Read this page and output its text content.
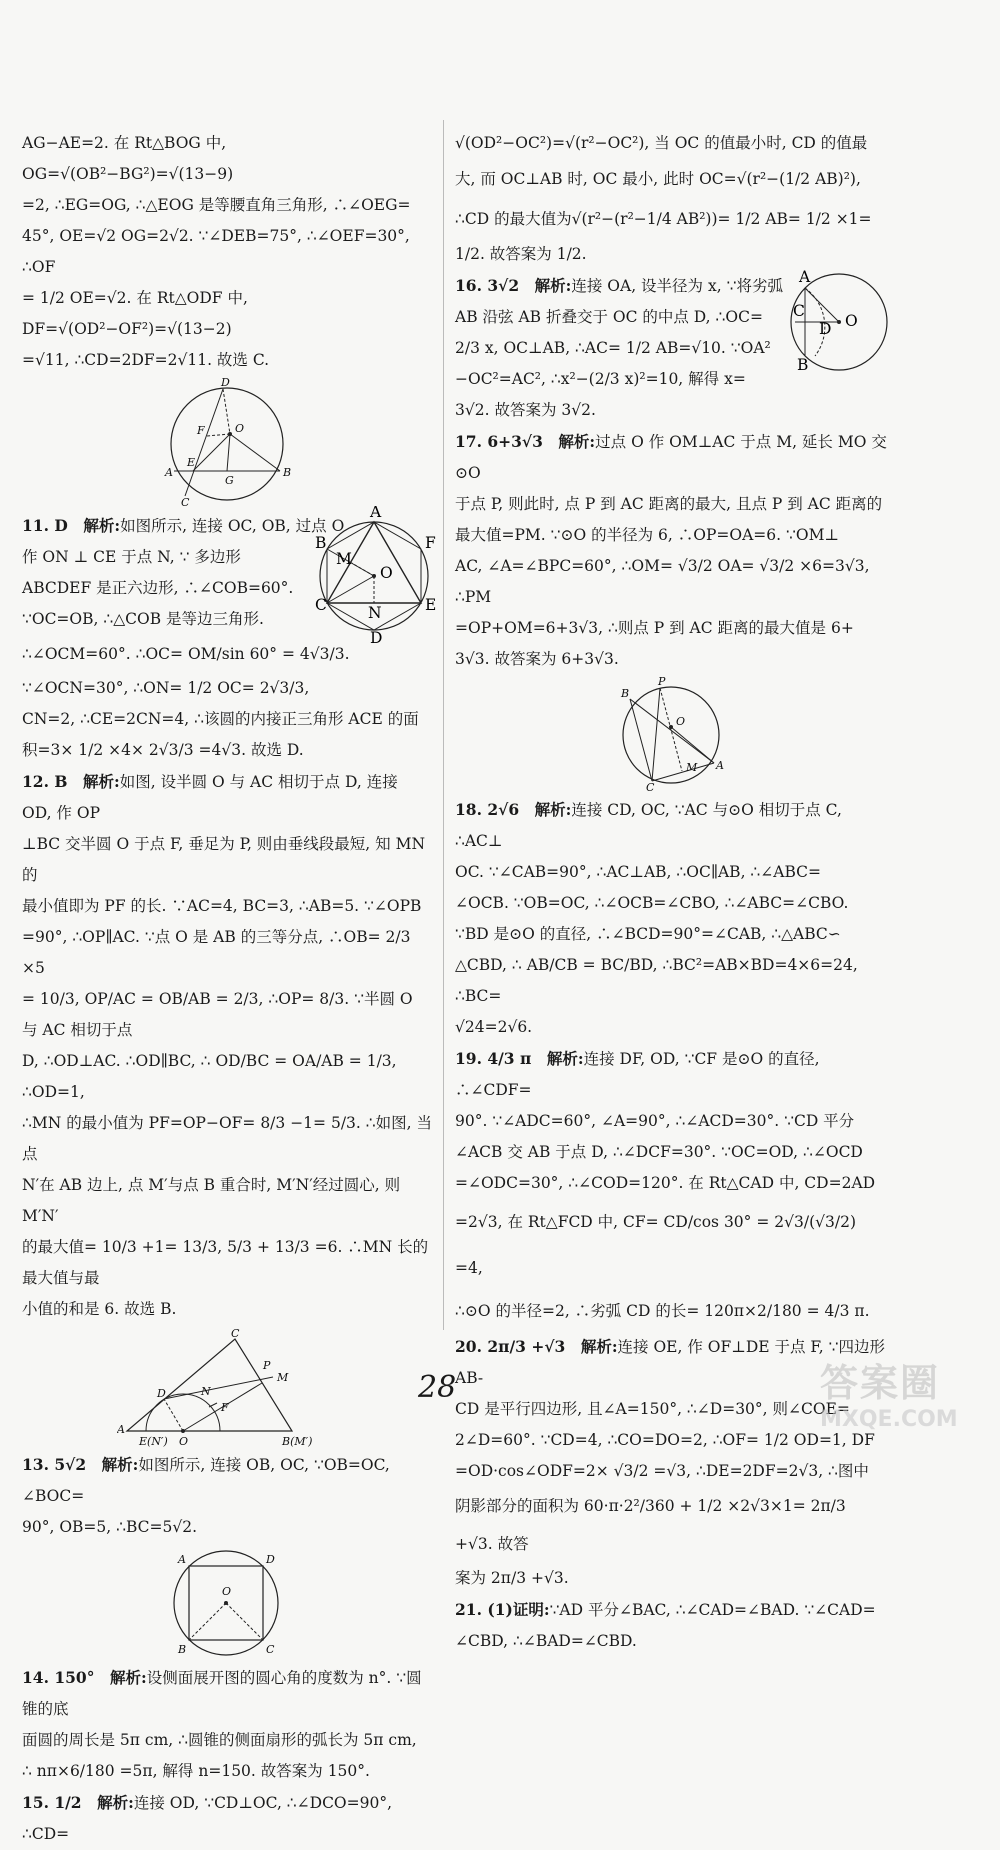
AG−AE=2. 在 Rt△BOG 中, OG=√(OB²−BG²)=√(13−9)
=2, ∴EG=OG, ∴△EOG 是等腰直角三角形, ∴∠OEG=
45°, OE=√2 OG=2√2. ∵∠DEB=75°, ∴∠OEF=30°, ∴OF
= 1/2 OE=√2. 在 Rt△ODF 中, DF=√(OD²−OF²)=√(13−2)
=√11, ∴CD=2DF=2√11. 故选 C.
D
F	O
E
G
A	B
C
A
B
C
D
E
F
M
O
N
11. D　 解析:如图所示, 连接 OC, OB, 过点 O
作 ON ⊥ CE 于点 N, ∵ 多边形
ABCDEF 是正六边形, ∴∠COB=60°.
∵OC=OB, ∴△COB 是等边三角形.
∴∠OCM=60°. ∴OC= OM/sin 60° = 4√3/3.
∵∠OCN=30°, ∴ON= 1/2 OC= 2√3/3,
CN=2, ∴CE=2CN=4, ∴该圆的内接正三角形 ACE 的面
积=3× 1/2 ×4× 2√3/3 =4√3. 故选 D.
12. B　 解析:如图, 设半圆 O 与 AC 相切于点 D, 连接 OD, 作 OP
⊥BC 交半圆 O 于点 F, 垂足为 P, 则由垂线段最短, 知 MN 的
最小值即为 PF 的长. ∵AC=4, BC=3, ∴AB=5. ∵∠OPB
=90°, ∴OP∥AC. ∵点 O 是 AB 的三等分点, ∴OB= 2/3 ×5
= 10/3, OP/AC = OB/AB = 2/3, ∴OP= 8/3. ∵半圆 O 与 AC 相切于点
D, ∴OD⊥AC. ∴OD∥BC, ∴ OD/BC = OA/AB = 1/3, ∴OD=1,
∴MN 的最小值为 PF=OP−OF= 8/3 −1= 5/3. ∴如图, 当点
N′在 AB 边上, 点 M′与点 B 重合时, M′N′经过圆心, 则 M′N′
的最大值= 10/3 +1= 13/3, 5/3 + 13/3 =6. ∴MN 长的最大值与最
小值的和是 6. 故选 B.
C
P
M
D	N
F
A
E(N′) O	B(M′)
13. 5√2　 解析:如图所示, 连接 OB, OC, ∵OB=OC, ∠BOC=
90°, OB=5, ∴BC=5√2.
A	D
O
B	C
14. 150°　 解析:设侧面展开图的圆心角的度数为 n°. ∵圆锥的底
面圆的周长是 5π cm, ∴圆锥的侧面扇形的弧长为 5π cm,
∴ nπ×6/180 =5π, 解得 n=150. 故答案为 150°.
15. 1/2　 解析:连接 OD, ∵CD⊥OC, ∴∠DCO=90°, ∴CD=
√(OD²−OC²)=√(r²−OC²), 当 OC 的值最小时, CD 的值最
大, 而 OC⊥AB 时, OC 最小, 此时 OC=√(r²−(1/2 AB)²),
∴CD 的最大值为√(r²−(r²−1/4 AB²))= 1/2 AB= 1/2 ×1=
1/2. 故答案为 1/2.
A
C
D O
B
16. 3√2　 解析:连接 OA, 设半径为 x, ∵将劣弧
AB 沿弦 AB 折叠交于 OC 的中点 D, ∴OC=
2/3 x, OC⊥AB, ∴AC= 1/2 AB=√10. ∵OA²
−OC²=AC², ∴x²−(2/3 x)²=10, 解得 x=
3√2. 故答案为 3√2.
17. 6+3√3　 解析:过点 O 作 OM⊥AC 于点 M, 延长 MO 交⊙O
于点 P, 则此时, 点 P 到 AC 距离的最大, 且点 P 到 AC 距离的
最大值=PM. ∵⊙O 的半径为 6, ∴OP=OA=6. ∵OM⊥
AC, ∠A=∠BPC=60°, ∴OM= √3/2 OA= √3/2 ×6=3√3, ∴PM
=OP+OM=6+3√3, ∴则点 P 到 AC 距离的最大值是 6+
3√3. 故答案为 6+3√3.
B
P
O
M A
C
18. 2√6　 解析:连接 CD, OC, ∵AC 与⊙O 相切于点 C, ∴AC⊥
OC. ∵∠CAB=90°, ∴AC⊥AB, ∴OC∥AB, ∴∠ABC=
∠OCB. ∵OB=OC, ∴∠OCB=∠CBO, ∴∠ABC=∠CBO.
∵BD 是⊙O 的直径, ∴∠BCD=90°=∠CAB, ∴△ABC∽
△CBD, ∴ AB/CB = BC/BD, ∴BC²=AB×BD=4×6=24, ∴BC=
√24=2√6.
19. 4/3 π　 解析:连接 DF, OD, ∵CF 是⊙O 的直径, ∴∠CDF=
90°. ∵∠ADC=60°, ∠A=90°, ∴∠ACD=30°. ∵CD 平分
∠ACB 交 AB 于点 D, ∴∠DCF=30°. ∵OC=OD, ∴∠OCD
=∠ODC=30°, ∴∠COD=120°. 在 Rt△CAD 中, CD=2AD
=2√3, 在 Rt△FCD 中, CF= CD/cos 30° = 2√3/(√3/2) =4,
∴⊙O 的半径=2, ∴劣弧 CD 的长= 120π×2/180 = 4/3 π.
20. 2π/3 +√3　 解析:连接 OE, 作 OF⊥DE 于点 F, ∵四边形 AB-
CD 是平行四边形, 且∠A=150°, ∴∠D=30°, 则∠COE=
2∠D=60°. ∵CD=4, ∴CO=DO=2, ∴OF= 1/2 OD=1, DF
=OD·cos∠ODF=2× √3/2 =√3, ∴DE=2DF=2√3, ∴图中
阴影部分的面积为 60·π·2²/360 + 1/2 ×2√3×1= 2π/3 +√3. 故答
案为 2π/3 +√3.
21. (1)证明:∵AD 平分∠BAC, ∴∠CAD=∠BAD. ∵∠CAD=
∠CBD, ∴∠BAD=∠CBD.
28	答案圈
MXQE.COM
